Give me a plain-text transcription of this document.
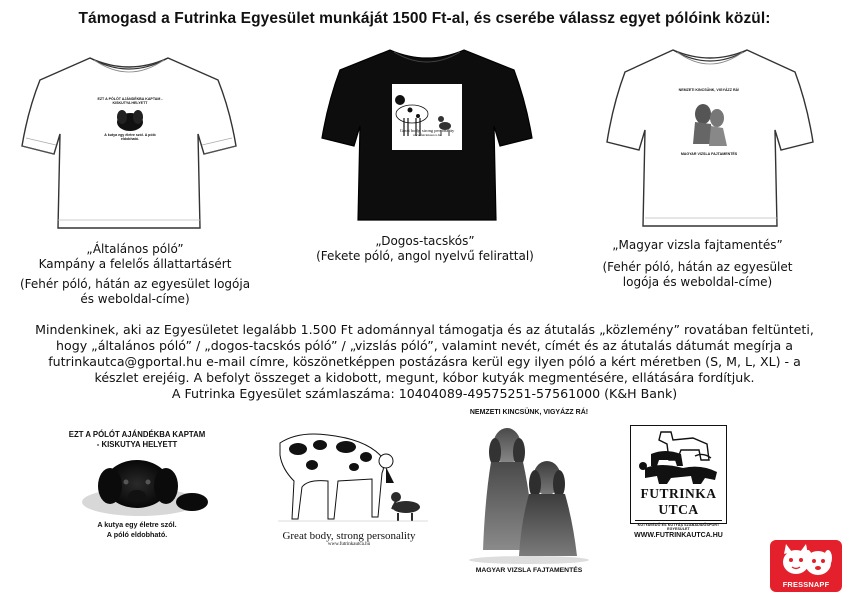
Támogasd a Futrinka Egyesület munkáját 1500 Ft-al, és cserébe válassz egyet pólóink közül:
EZT A PÓLÓT AJÁNDÉKBA KAPTAM - KISKUTYA HELYETT
A kutya egy életre szól. A póló eldobható.
Great body, strong personality
www.futrinkautca.hu
NEMZETI KINCSÜNK, VIGYÁZZ RÁ!
MAGYAR VIZSLA FAJTAMENTÉS
„Általános póló”
Kampány a felelős állattartásért
(Fehér póló, hátán az egyesület logója és weboldal-címe)
„Dogos-tacskós”
(Fekete póló, angol nyelvű felirattal)
„Magyar vizsla fajtamentés”
(Fehér póló, hátán az egyesület logója és weboldal-címe)
Mindenkinek, aki az Egyesületet legalább 1.500 Ft adománnyal támogatja és az átutalás „közlemény” rovatában feltünteti,
hogy „általános póló” / „dogos-tacskós póló” / „vizslás póló”, valamint nevét, címét és az átutalás dátumát megírja a
futrinkautca@gportal.hu e-mail címre, köszönetképpen postázásra kerül egy ilyen póló a kért méretben (S, M, L, XL) - a
készlet erejéig. A befolyt összeget a kidobott, megunt, kóbor kutyák megmentésére, ellátására fordítjuk.
A Futrinka Egyesület számlaszáma: 10404089-49575251-57561000 (K&H Bank)
EZT A PÓLÓT AJÁNDÉKBA KAPTAM
- KISKUTYA HELYETT
A kutya egy életre szól.
A póló eldobható.	Great body, strong personality
www.futrinkautca.hu
NEMZETI KINCSÜNK, VIGYÁZZ RÁ!
MAGYAR VIZSLA FAJTAMENTÉS
FUTRINKA UTCA
KUTYAVÉDŐ ÉS KUTYÁS SZABADIDŐSPORT EGYESÜLET
WWW.FUTRINKAUTCA.HU
FRESSNAPF
